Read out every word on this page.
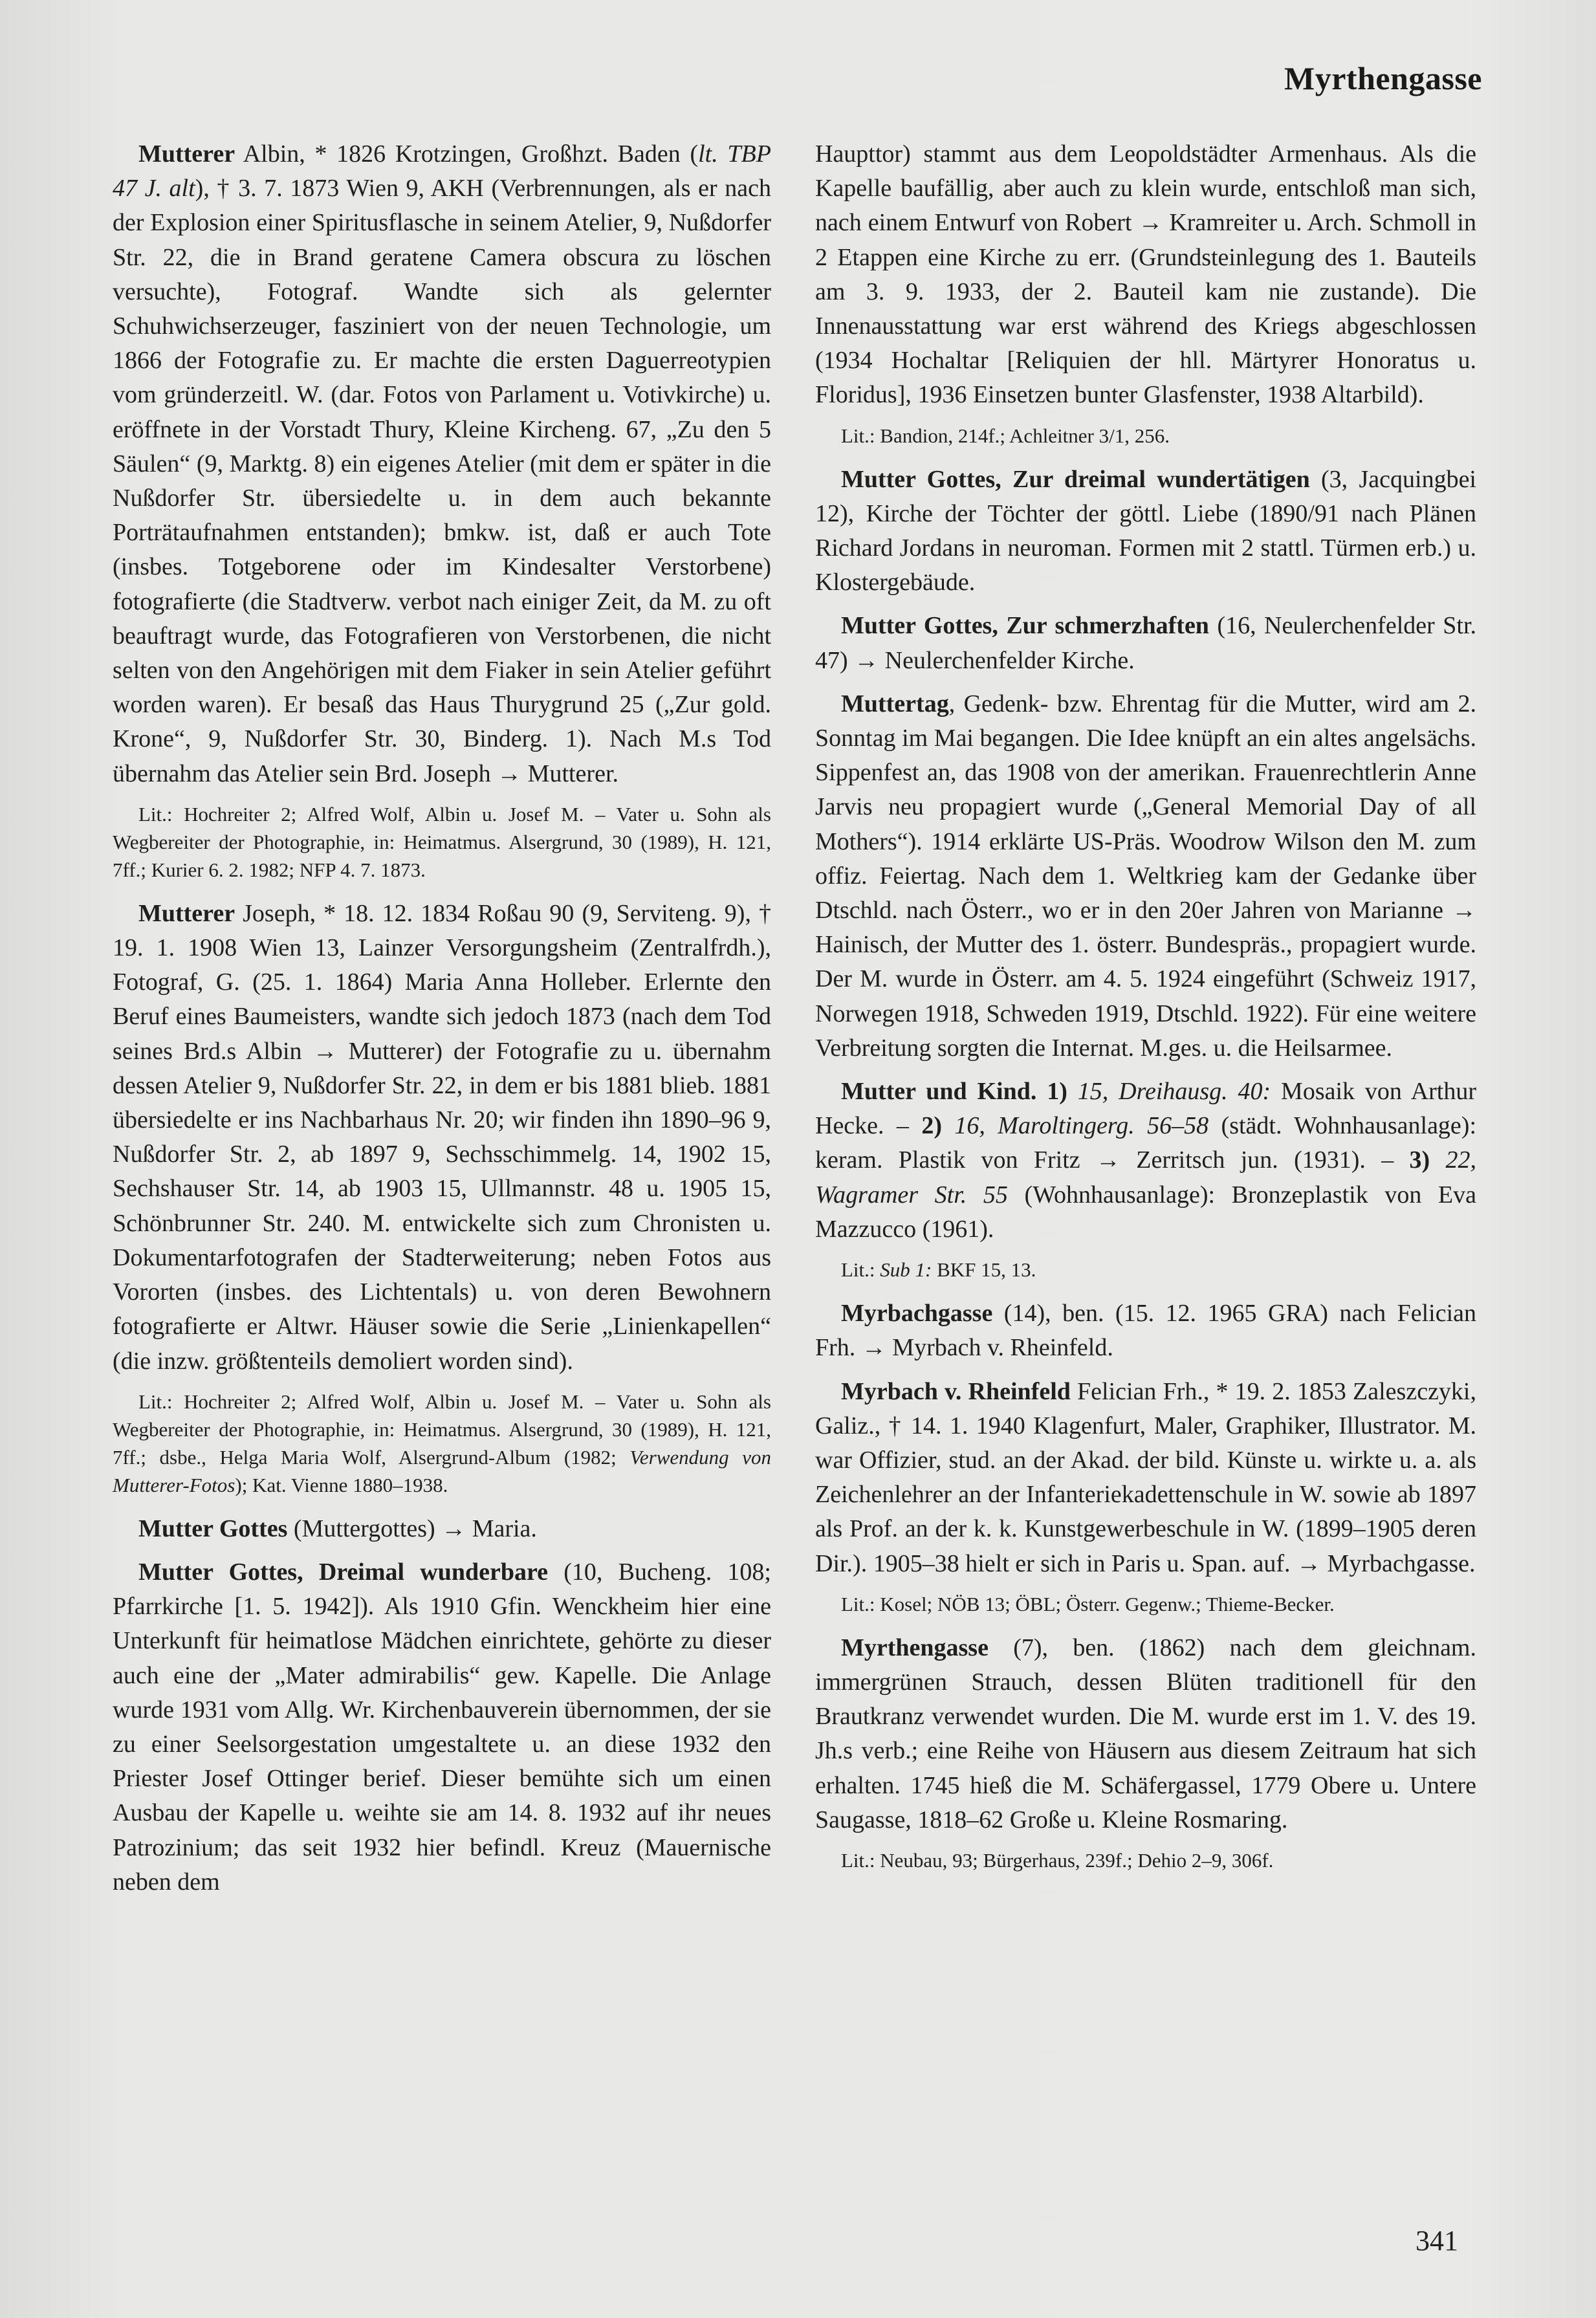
Myrthengasse

Mutterer Albin, * 1826 Krotzingen, Großhzt. Baden (lt. TBP 47 J. alt), † 3. 7. 1873 Wien 9, AKH (Verbrennungen, als er nach der Explosion einer Spiritusflasche in seinem Atelier, 9, Nußdorfer Str. 22, die in Brand geratene Camera obscura zu löschen versuchte), Fotograf. Wandte sich als gelernter Schuhwichserzeuger, fasziniert von der neuen Technologie, um 1866 der Fotografie zu. Er machte die ersten Daguerreotypien vom gründerzeitl. W. (dar. Fotos von Parlament u. Votivkirche) u. eröffnete in der Vorstadt Thury, Kleine Kircheng. 67, „Zu den 5 Säulen“ (9, Marktg. 8) ein eigenes Atelier (mit dem er später in die Nußdorfer Str. übersiedelte u. in dem auch bekannte Porträtaufnahmen entstanden); bmkw. ist, daß er auch Tote (insbes. Totgeborene oder im Kindesalter Verstorbene) fotografierte (die Stadtverw. verbot nach einiger Zeit, da M. zu oft beauftragt wurde, das Fotografieren von Verstorbenen, die nicht selten von den Angehörigen mit dem Fiaker in sein Atelier geführt worden waren). Er besaß das Haus Thurygrund 25 („Zur gold. Krone“, 9, Nußdorfer Str. 30, Binderg. 1). Nach M.s Tod übernahm das Atelier sein Brd. Joseph → Mutterer.

Lit.: Hochreiter 2; Alfred Wolf, Albin u. Josef M. – Vater u. Sohn als Wegbereiter der Photographie, in: Heimatmus. Alsergrund, 30 (1989), H. 121, 7ff.; Kurier 6. 2. 1982; NFP 4. 7. 1873.

Mutterer Joseph, * 18. 12. 1834 Roßau 90 (9, Serviteng. 9), † 19. 1. 1908 Wien 13, Lainzer Versorgungsheim (Zentralfrdh.), Fotograf, G. (25. 1. 1864) Maria Anna Holleber. Erlernte den Beruf eines Baumeisters, wandte sich jedoch 1873 (nach dem Tod seines Brd.s Albin → Mutterer) der Fotografie zu u. übernahm dessen Atelier 9, Nußdorfer Str. 22, in dem er bis 1881 blieb. 1881 übersiedelte er ins Nachbarhaus Nr. 20; wir finden ihn 1890–96 9, Nußdorfer Str. 2, ab 1897 9, Sechsschimmelg. 14, 1902 15, Sechshauser Str. 14, ab 1903 15, Ullmannstr. 48 u. 1905 15, Schönbrunner Str. 240. M. entwickelte sich zum Chronisten u. Dokumentarfotografen der Stadterweiterung; neben Fotos aus Vororten (insbes. des Lichtentals) u. von deren Bewohnern fotografierte er Altwr. Häuser sowie die Serie „Linienkapellen“ (die inzw. größtenteils demoliert worden sind).

Lit.: Hochreiter 2; Alfred Wolf, Albin u. Josef M. – Vater u. Sohn als Wegbereiter der Photographie, in: Heimatmus. Alsergrund, 30 (1989), H. 121, 7ff.; dsbe., Helga Maria Wolf, Alsergrund-Album (1982; Verwendung von Mutterer-Fotos); Kat. Vienne 1880–1938.

Mutter Gottes (Muttergottes) → Maria.

Mutter Gottes, Dreimal wunderbare (10, Bucheng. 108; Pfarrkirche [1. 5. 1942]). Als 1910 Gfin. Wenckheim hier eine Unterkunft für heimatlose Mädchen einrichtete, gehörte zu dieser auch eine der „Mater admirabilis“ gew. Kapelle. Die Anlage wurde 1931 vom Allg. Wr. Kirchenbauverein übernommen, der sie zu einer Seelsorgestation umgestaltete u. an diese 1932 den Priester Josef Ottinger berief. Dieser bemühte sich um einen Ausbau der Kapelle u. weihte sie am 14. 8. 1932 auf ihr neues Patrozinium; das seit 1932 hier befindl. Kreuz (Mauernische neben dem

Haupttor) stammt aus dem Leopoldstädter Armenhaus. Als die Kapelle baufällig, aber auch zu klein wurde, entschloß man sich, nach einem Entwurf von Robert → Kramreiter u. Arch. Schmoll in 2 Etappen eine Kirche zu err. (Grundsteinlegung des 1. Bauteils am 3. 9. 1933, der 2. Bauteil kam nie zustande). Die Innenausstattung war erst während des Kriegs abgeschlossen (1934 Hochaltar [Reliquien der hll. Märtyrer Honoratus u. Floridus], 1936 Einsetzen bunter Glasfenster, 1938 Altarbild).

Lit.: Bandion, 214f.; Achleitner 3/1, 256.

Mutter Gottes, Zur dreimal wundertätigen (3, Jacquingbei 12), Kirche der Töchter der göttl. Liebe (1890/91 nach Plänen Richard Jordans in neuroman. Formen mit 2 stattl. Türmen erb.) u. Klostergebäude.

Mutter Gottes, Zur schmerzhaften (16, Neulerchenfelder Str. 47) → Neulerchenfelder Kirche.

Muttertag, Gedenk- bzw. Ehrentag für die Mutter, wird am 2. Sonntag im Mai begangen. Die Idee knüpft an ein altes angelsächs. Sippenfest an, das 1908 von der amerikan. Frauenrechtlerin Anne Jarvis neu propagiert wurde („General Memorial Day of all Mothers“). 1914 erklärte US-Präs. Woodrow Wilson den M. zum offiz. Feiertag. Nach dem 1. Weltkrieg kam der Gedanke über Dtschld. nach Österr., wo er in den 20er Jahren von Marianne → Hainisch, der Mutter des 1. österr. Bundespräs., propagiert wurde. Der M. wurde in Österr. am 4. 5. 1924 eingeführt (Schweiz 1917, Norwegen 1918, Schweden 1919, Dtschld. 1922). Für eine weitere Verbreitung sorgten die Internat. M.ges. u. die Heilsarmee.

Mutter und Kind. 1) 15, Dreihausg. 40: Mosaik von Arthur Hecke. – 2) 16, Maroltingerg. 56–58 (städt. Wohnhausanlage): keram. Plastik von Fritz → Zerritsch jun. (1931). – 3) 22, Wagramer Str. 55 (Wohnhausanlage): Bronzeplastik von Eva Mazzucco (1961).

Lit.: Sub 1: BKF 15, 13.

Myrbachgasse (14), ben. (15. 12. 1965 GRA) nach Felician Frh. → Myrbach v. Rheinfeld.

Myrbach v. Rheinfeld Felician Frh., * 19. 2. 1853 Zaleszczyki, Galiz., † 14. 1. 1940 Klagenfurt, Maler, Graphiker, Illustrator. M. war Offizier, stud. an der Akad. der bild. Künste u. wirkte u. a. als Zeichenlehrer an der Infanteriekadettenschule in W. sowie ab 1897 als Prof. an der k. k. Kunstgewerbeschule in W. (1899–1905 deren Dir.). 1905–38 hielt er sich in Paris u. Span. auf. → Myrbachgasse.

Lit.: Kosel; NÖB 13; ÖBL; Österr. Gegenw.; Thieme-Becker.

Myrthengasse (7), ben. (1862) nach dem gleichnam. immergrünen Strauch, dessen Blüten traditionell für den Brautkranz verwendet wurden. Die M. wurde erst im 1. V. des 19. Jh.s verb.; eine Reihe von Häusern aus diesem Zeitraum hat sich erhalten. 1745 hieß die M. Schäfergassel, 1779 Obere u. Untere Saugasse, 1818–62 Große u. Kleine Rosmaring.

Lit.: Neubau, 93; Bürgerhaus, 239f.; Dehio 2–9, 306f.

341
